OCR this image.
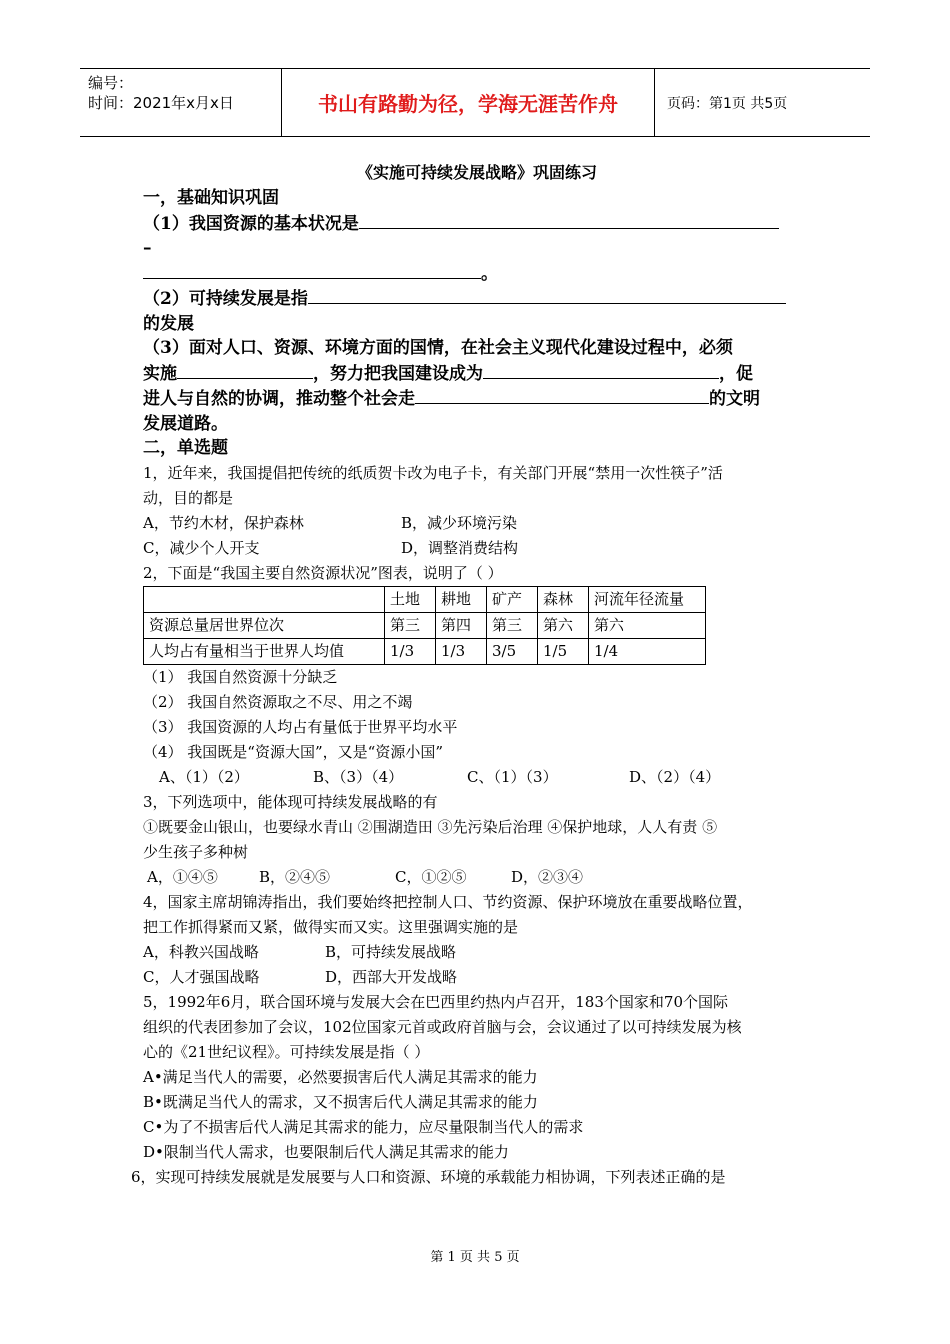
编号：
时间：2021年x月x日	书山有路勤为径，学海无涯苦作舟	页码：第1页 共5页
《实施可持续发展战略》巩固练习
一，基础知识巩固
（1）我国资源的基本状况是
–
。
（2）可持续发展是指
的发展
（3）面对人口、资源、环境方面的国情，在社会主义现代化建设过程中，必须
实施	，努力把我国建设成为	，促
进人与自然的协调，推动整个社会走	的文明
发展道路。
二，单选题
1，近年来，我国提倡把传统的纸质贺卡改为电子卡，有关部门开展“禁用一次性筷子”活
动，目的都是
A，节约木材，保护森林	B，减少环境污染
C，减少个人开支	D，调整消费结构
2，下面是“我国主要自然资源状况”图表，说明了（ ）
	土地	耕地	矿产	森林	河流年径流量
资源总量居世界位次	第三	第四	第三	第六	第六
人均占有量相当于世界人均值	1/3	1/3	3/5	1/5	1/4
（1） 我国自然资源十分缺乏
（2） 我国自然资源取之不尽、用之不竭
（3） 我国资源的人均占有量低于世界平均水平
（4） 我国既是“资源大国”，又是“资源小国”
A、（1）（2）	B、（3）（4）	C、（1）（3）	D、（2）（4）
3，下列选项中，能体现可持续发展战略的有
①既要金山银山，也要绿水青山 ②围湖造田 ③先污染后治理 ④保护地球，人人有责 ⑤
少生孩子多种树
A，①④⑤	B，②④⑤	C，①②⑤	D，②③④
4，国家主席胡锦涛指出，我们要始终把控制人口、节约资源、保护环境放在重要战略位置，
把工作抓得紧而又紧，做得实而又实。这里强调实施的是
A，科教兴国战略	B，可持续发展战略
C，人才强国战略	D，西部大开发战略
5，1992年6月，联合国环境与发展大会在巴西里约热内卢召开，183个国家和70个国际
组织的代表团参加了会议，102位国家元首或政府首脑与会，会议通过了以可持续发展为核
心的《21世纪议程》。可持续发展是指（ ）
A•满足当代人的需要，必然要损害后代人满足其需求的能力
B•既满足当代人的需求，又不损害后代人满足其需求的能力
C•为了不损害后代人满足其需求的能力，应尽量限制当代人的需求
D•限制当代人需求，也要限制后代人满足其需求的能力
6，实现可持续发展就是发展要与人口和资源、环境的承载能力相协调，下列表述正确的是
第 1 页 共 5 页
